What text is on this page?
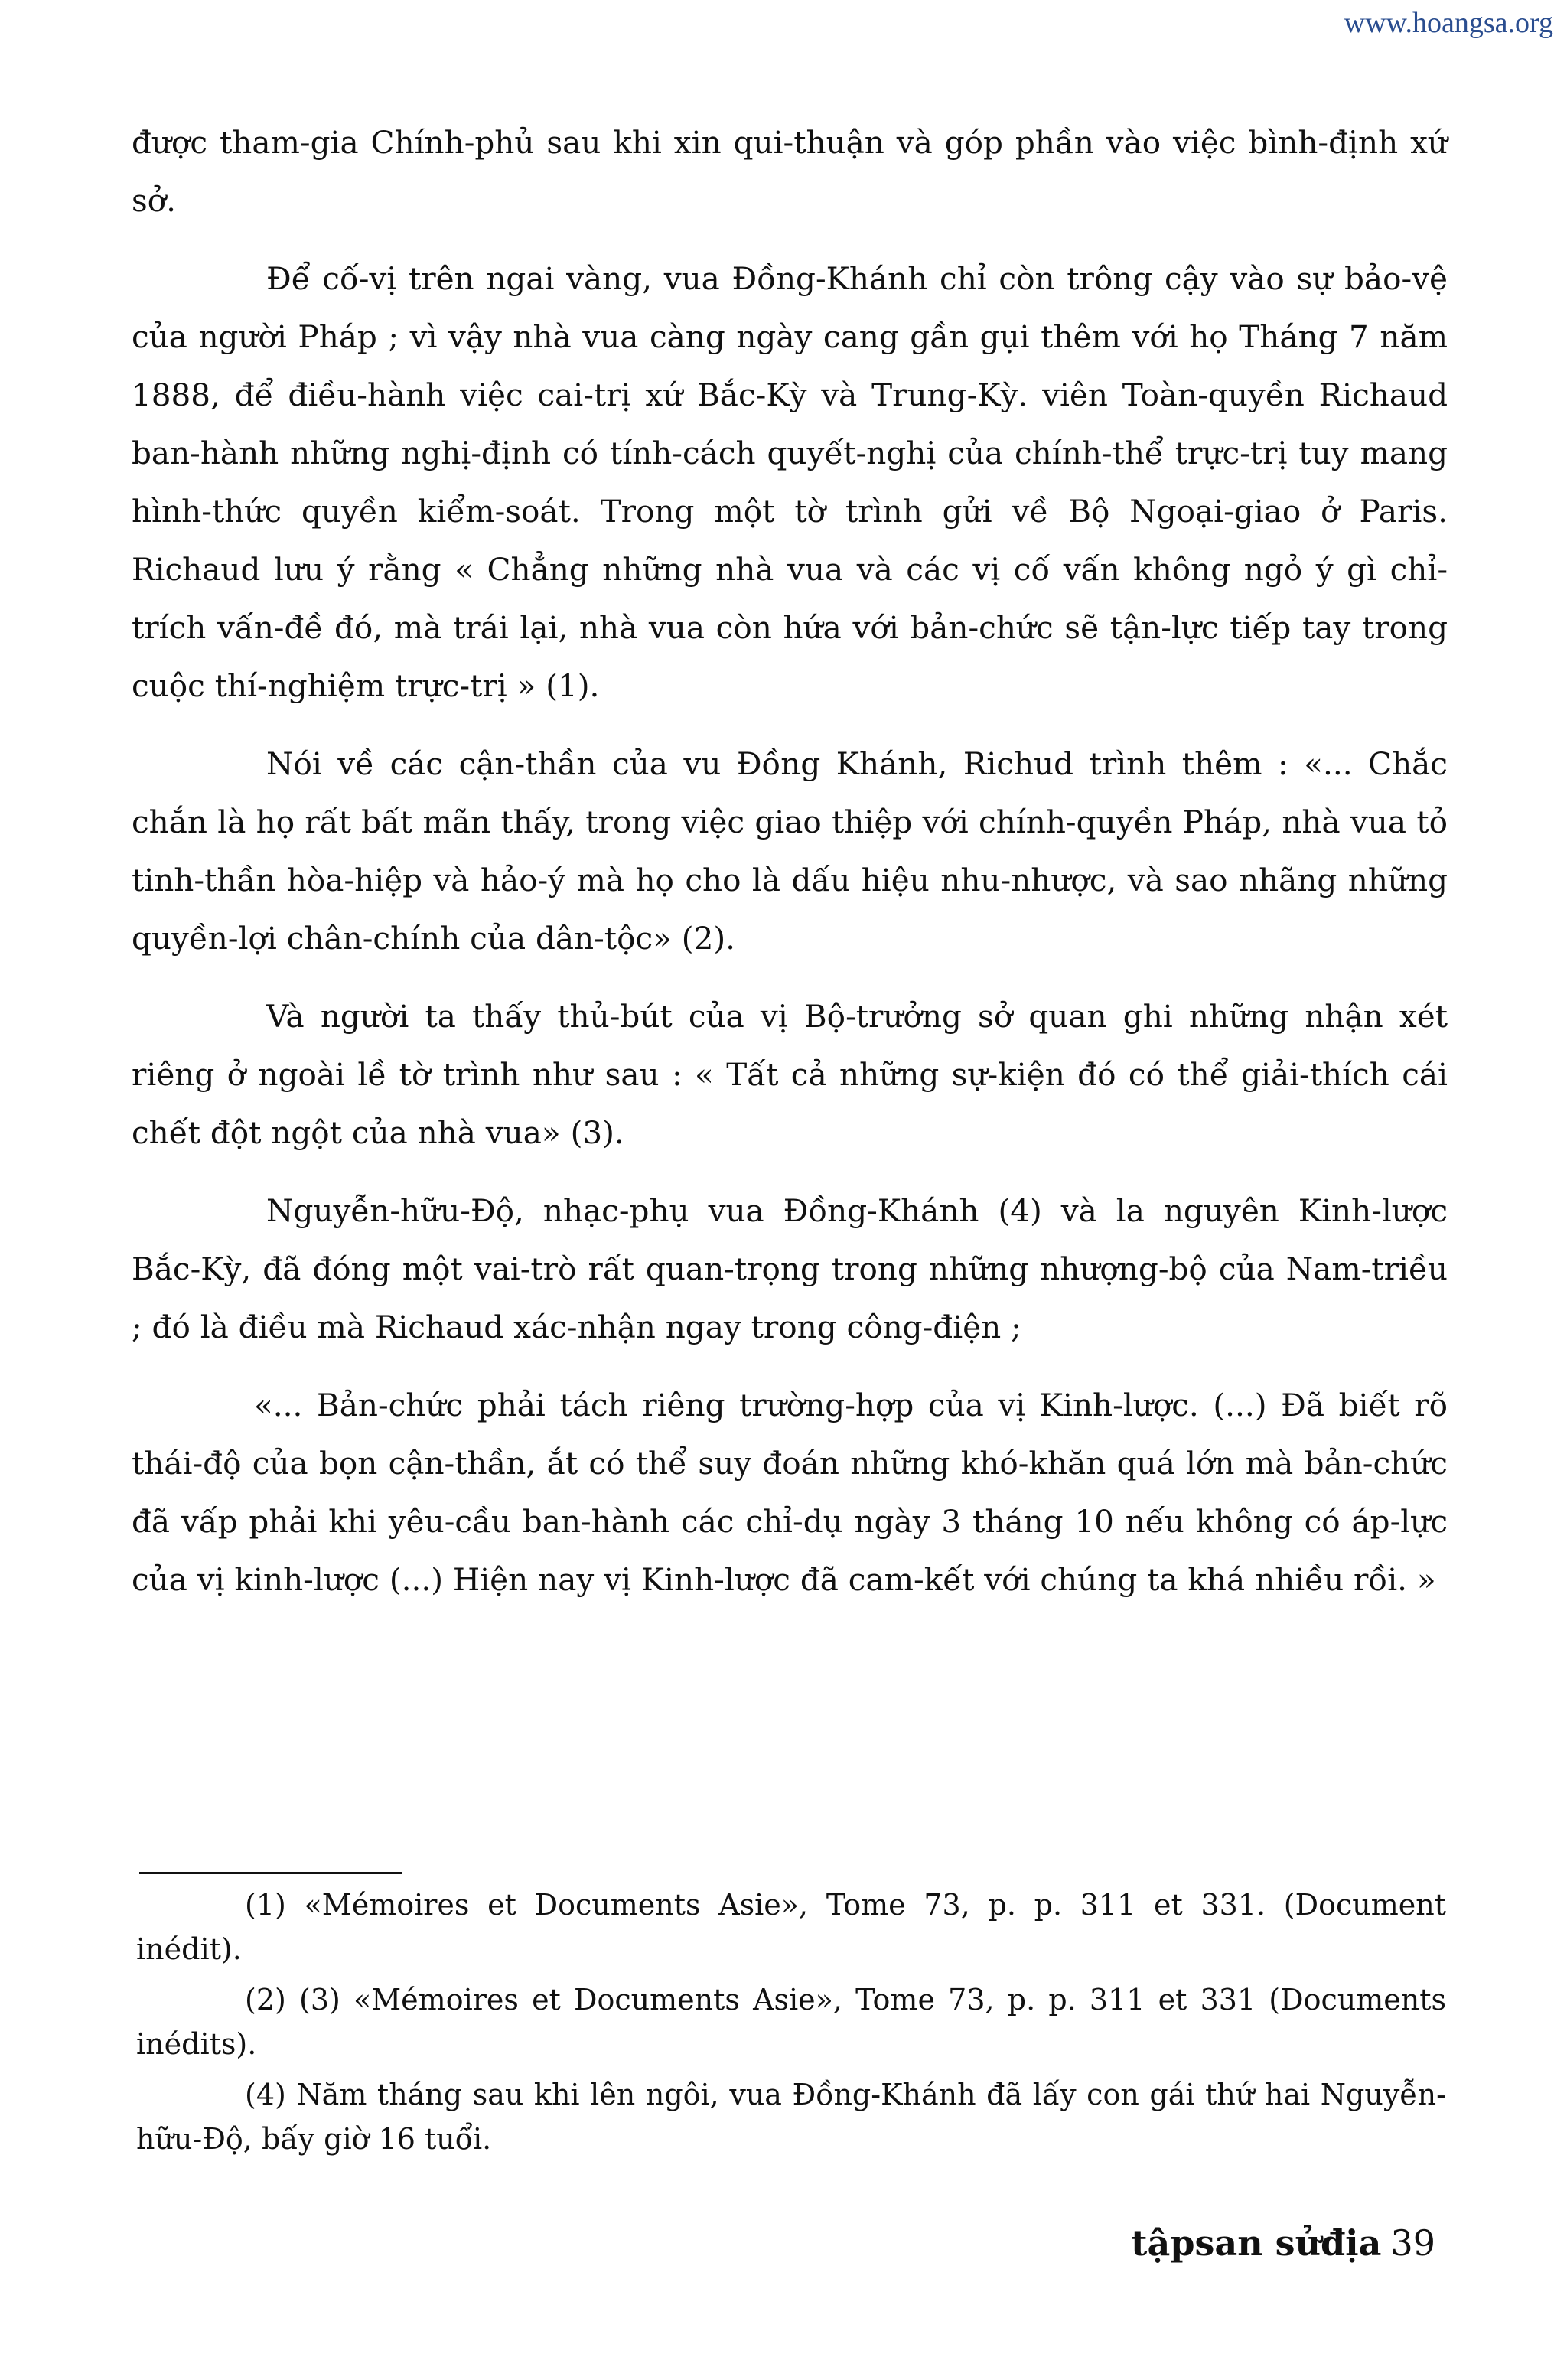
www.hoangsa.org

được tham-gia Chính-phủ sau khi xin qui-thuận và góp phần vào việc bình-định xứ sở.

Để cố-vị trên ngai vàng, vua Đồng-Khánh chỉ còn trông cậy vào sự bảo-vệ của người Pháp ; vì vậy nhà vua càng ngày cang gần gụi thêm với họ Tháng 7 năm 1888, để điều-hành việc cai-trị xứ Bắc-Kỳ và Trung-Kỳ. viên Toàn-quyền Richaud ban-hành những nghị-định có tính-cách quyết-nghị của chính-thể trực-trị tuy mang hình-thức quyền kiểm-soát. Trong một tờ trình gửi về Bộ Ngoại-giao ở Paris. Richaud lưu ý rằng « Chẳng những nhà vua và các vị cố vấn không ngỏ ý gì chỉ-trích vấn-đề đó, mà trái lại, nhà vua còn hứa với bản-chức sẽ tận-lực tiếp tay trong cuộc thí-nghiệm trực-trị » (1).

Nói về các cận-thần của vu Đồng Khánh, Richud trình thêm : «... Chắc chắn là họ rất bất mãn thấy, trong việc giao thiệp với chính-quyền Pháp, nhà vua tỏ tinh-thần hòa-hiệp và hảo-ý mà họ cho là dấu hiệu nhu-nhược, và sao nhãng những quyền-lợi chân-chính của dân-tộc» (2).

Và người ta thấy thủ-bút của vị Bộ-trưởng sở quan ghi những nhận xét riêng ở ngoài lề tờ trình như sau : « Tất cả những sự-kiện đó có thể giải-thích cái chết đột ngột của nhà vua» (3).

Nguyễn-hữu-Độ, nhạc-phụ vua Đồng-Khánh (4) và la nguyên Kinh-lược Bắc-Kỳ, đã đóng một vai-trò rất quan-trọng trong những nhượng-bộ của Nam-triều ; đó là điều mà Richaud xác-nhận ngay trong công-điện ;

«... Bản-chức phải tách riêng trường-hợp của vị Kinh-lược. (...) Đã biết rõ thái-độ của bọn cận-thần, ắt có thể suy đoán những khó-khăn quá lớn mà bản-chức đã vấp phải khi yêu-cầu ban-hành các chỉ-dụ ngày 3 tháng 10 nếu không có áp-lực của vị kinh-lược (...) Hiện nay vị Kinh-lược đã cam-kết với chúng ta khá nhiều rồi. »

(1) «Mémoires et Documents Asie», Tome 73, p. p. 311 et 331. (Document inédit).

(2) (3) «Mémoires et Documents Asie», Tome 73, p. p. 311 et 331 (Documents inédits).

(4) Năm tháng sau khi lên ngôi, vua Đồng-Khánh đã lấy con gái thứ hai Nguyễn-hữu-Độ, bấy giờ 16 tuổi.

tậpsan sửđịa 39
